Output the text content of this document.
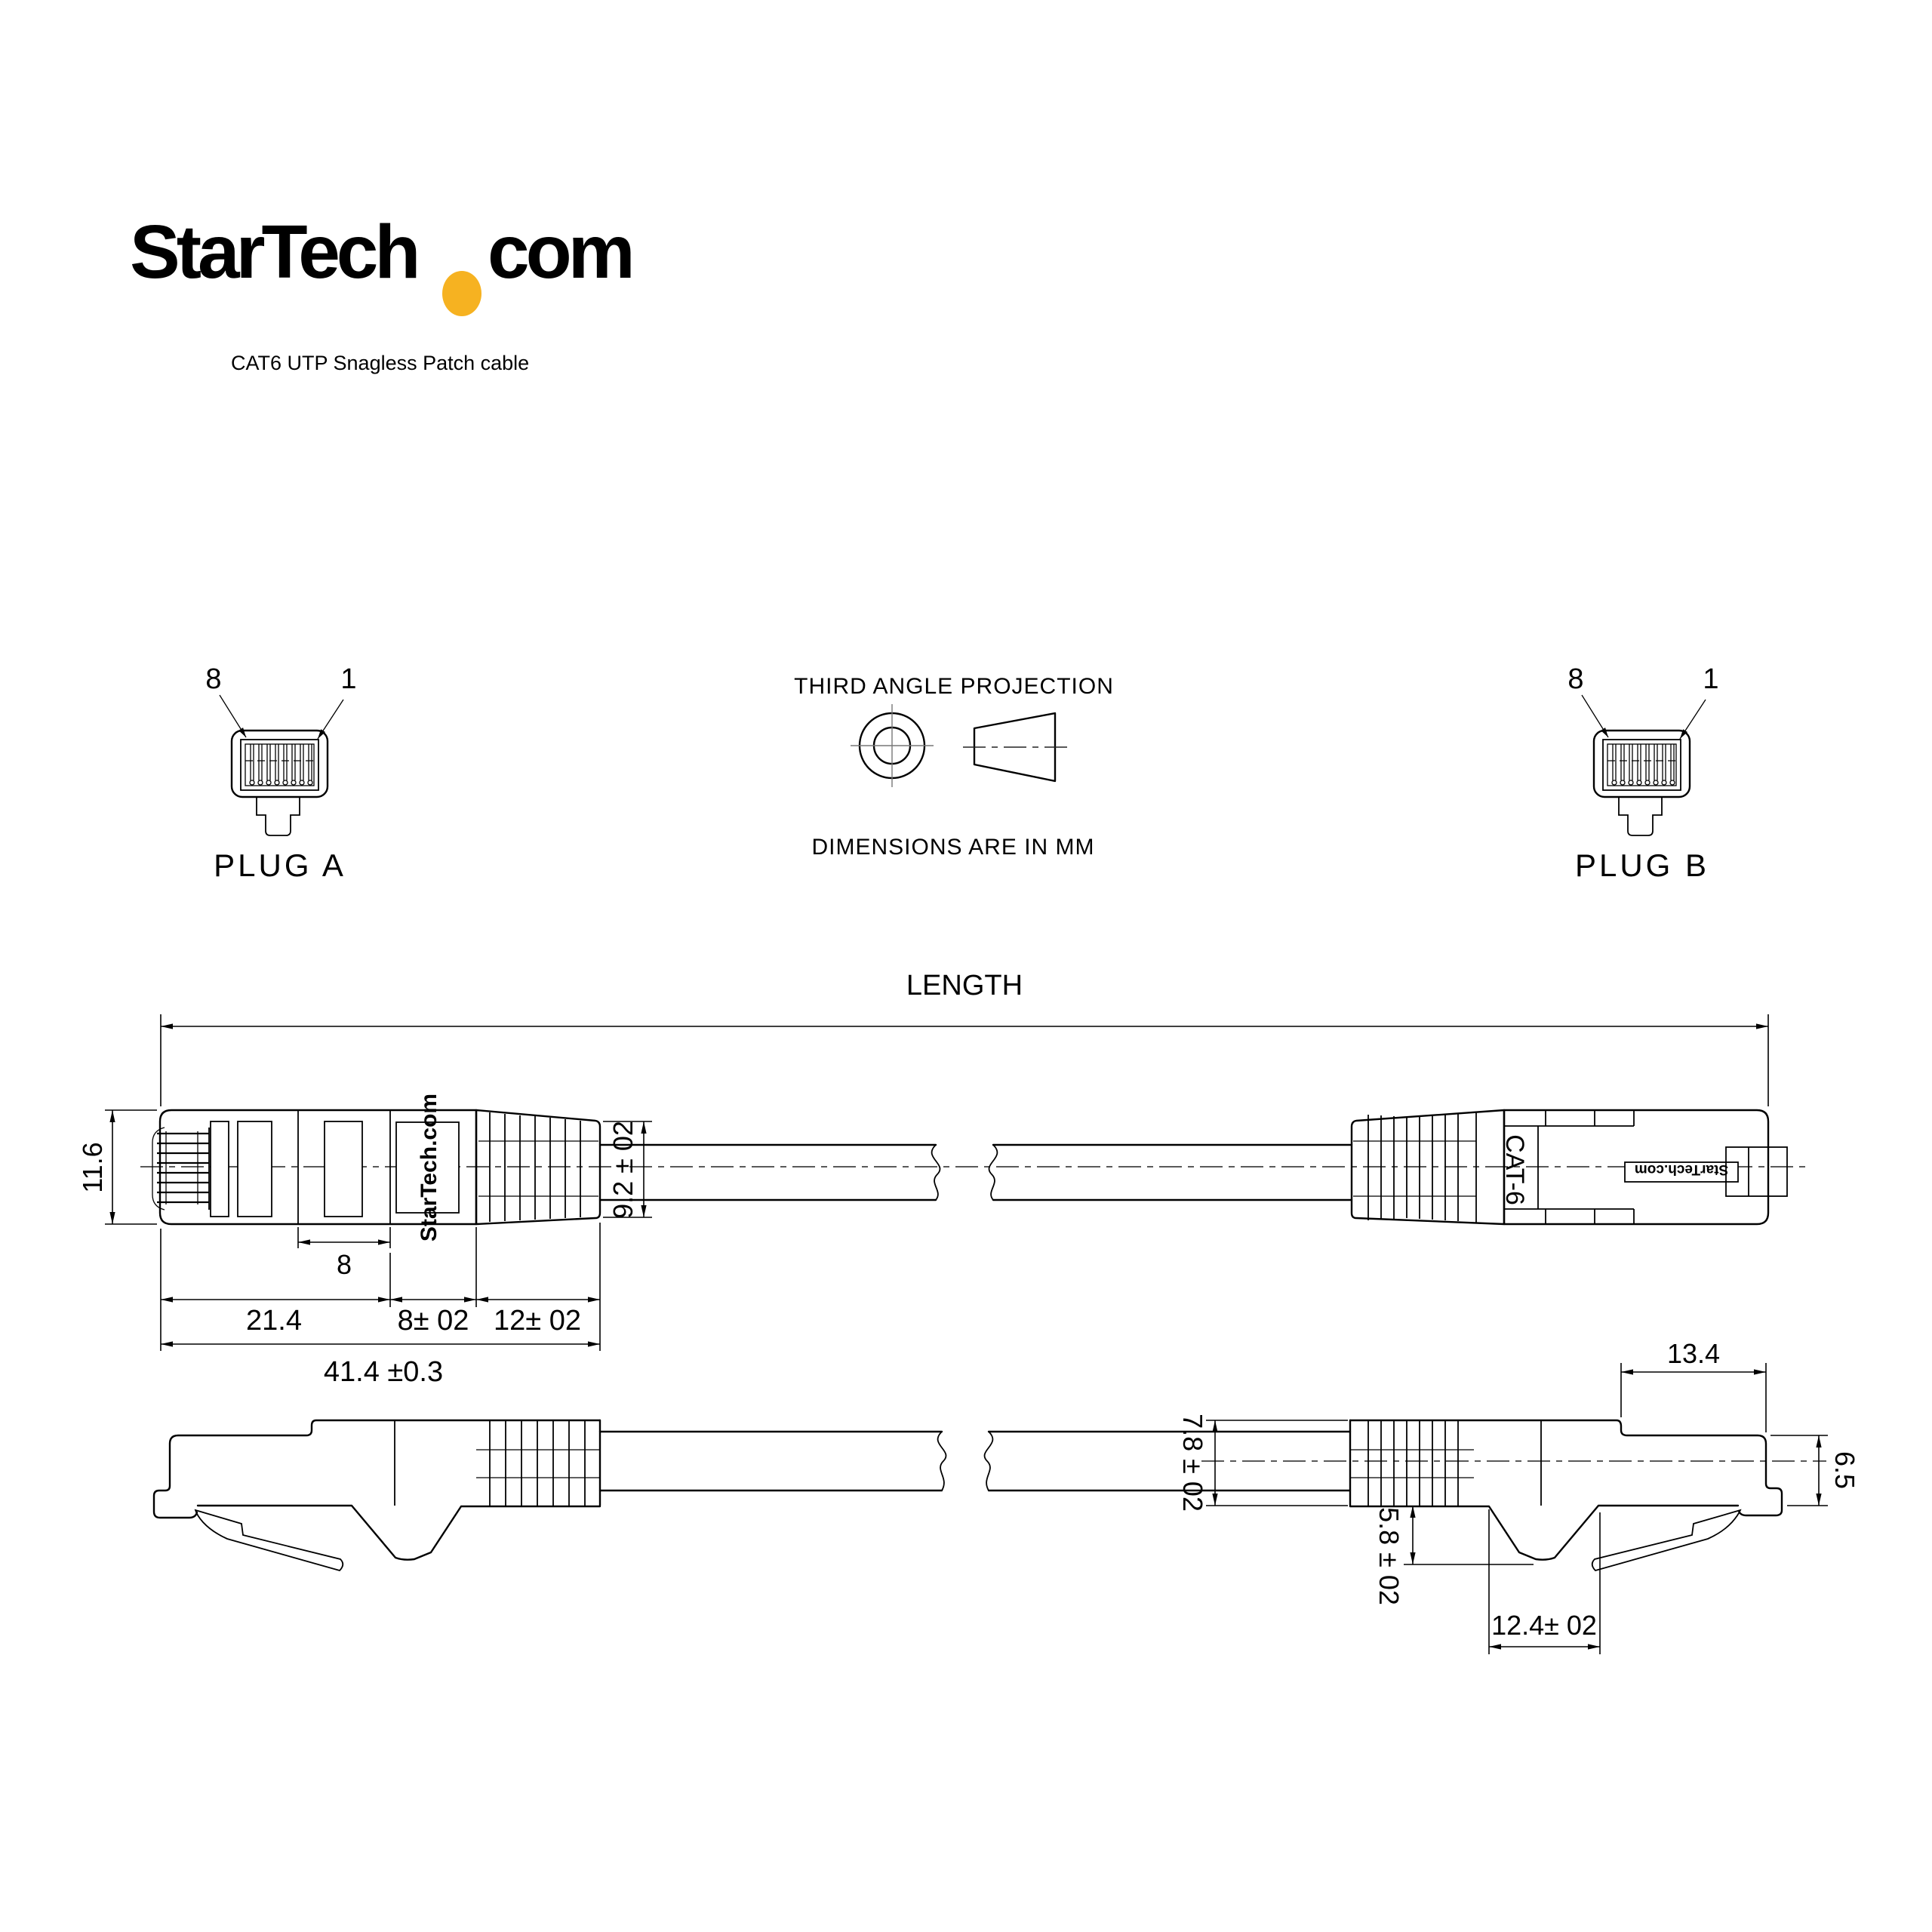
StarTech com
CAT6 UTP Snagless Patch cable
8	1
PLUG A
8	1
PLUG B
THIRD ANGLE PROJECTION
DIMENSIONS ARE IN MM
LENGTH
StarTech.com	CAT-6	StarTech.com
11.6	9.2 ± 02
8
21.4	8± 02 12± 02
41.4 ±0.3
13.4
6.5
7.8 ± 02
5.8 ± 02
12.4± 02
